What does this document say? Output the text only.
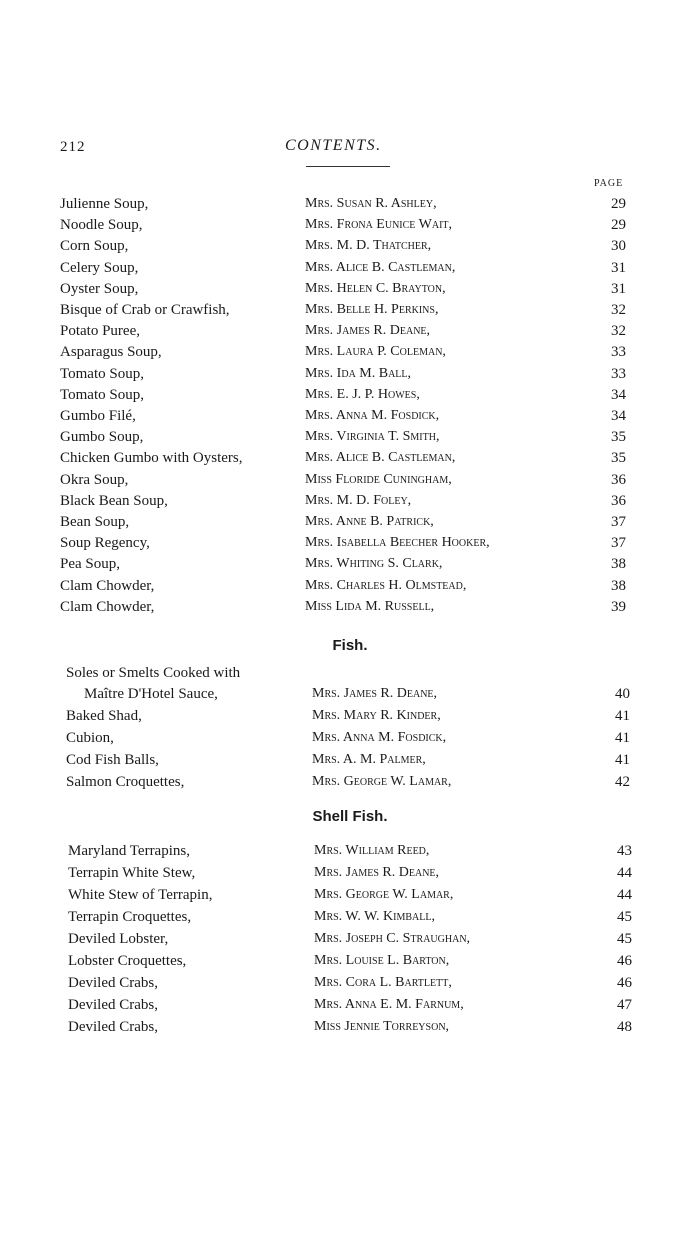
212	CONTENTS.
PAGE
Julienne Soup,	Mrs. Susan R. Ashley,	29
Noodle Soup,	Mrs. Frona Eunice Wait,	29
Corn Soup,	Mrs. M. D. Thatcher,	30
Celery Soup,	Mrs. Alice B. Castleman,	31
Oyster Soup,	Mrs. Helen C. Brayton,	31
Bisque of Crab or Crawfish,	Mrs. Belle H. Perkins,	32
Potato Puree,	Mrs. James R. Deane,	32
Asparagus Soup,	Mrs. Laura P. Coleman,	33
Tomato Soup,	Mrs. Ida M. Ball,	33
Tomato Soup,	Mrs. E. J. P. Howes,	34
Gumbo Filé,	Mrs. Anna M. Fosdick,	34
Gumbo Soup,	Mrs. Virginia T. Smith,	35
Chicken Gumbo with Oysters,	Mrs. Alice B. Castleman,	35
Okra Soup,	Miss Floride Cuningham,	36
Black Bean Soup,	Mrs. M. D. Foley,	36
Bean Soup,	Mrs. Anne B. Patrick,	37
Soup Regency,	Mrs. Isabella Beecher Hooker,	37
Pea Soup,	Mrs. Whiting S. Clark,	38
Clam Chowder,	Mrs. Charles H. Olmstead,	38
Clam Chowder,	Miss Lida M. Russell,	39
Fish.
Soles or Smelts Cooked with
Maître D'Hotel Sauce,	Mrs. James R. Deane,	40
Baked Shad,	Mrs. Mary R. Kinder,	41
Cubion,	Mrs. Anna M. Fosdick,	41
Cod Fish Balls,	Mrs. A. M. Palmer,	41
Salmon Croquettes,	Mrs. George W. Lamar,	42
Shell Fish.
Maryland Terrapins,	Mrs. William Reed,	43
Terrapin White Stew,	Mrs. James R. Deane,	44
White Stew of Terrapin,	Mrs. George W. Lamar,	44
Terrapin Croquettes,	Mrs. W. W. Kimball,	45
Deviled Lobster,	Mrs. Joseph C. Straughan,	45
Lobster Croquettes,	Mrs. Louise L. Barton,	46
Deviled Crabs,	Mrs. Cora L. Bartlett,	46
Deviled Crabs,	Mrs. Anna E. M. Farnum,	47
Deviled Crabs,	Miss Jennie Torreyson,	48
